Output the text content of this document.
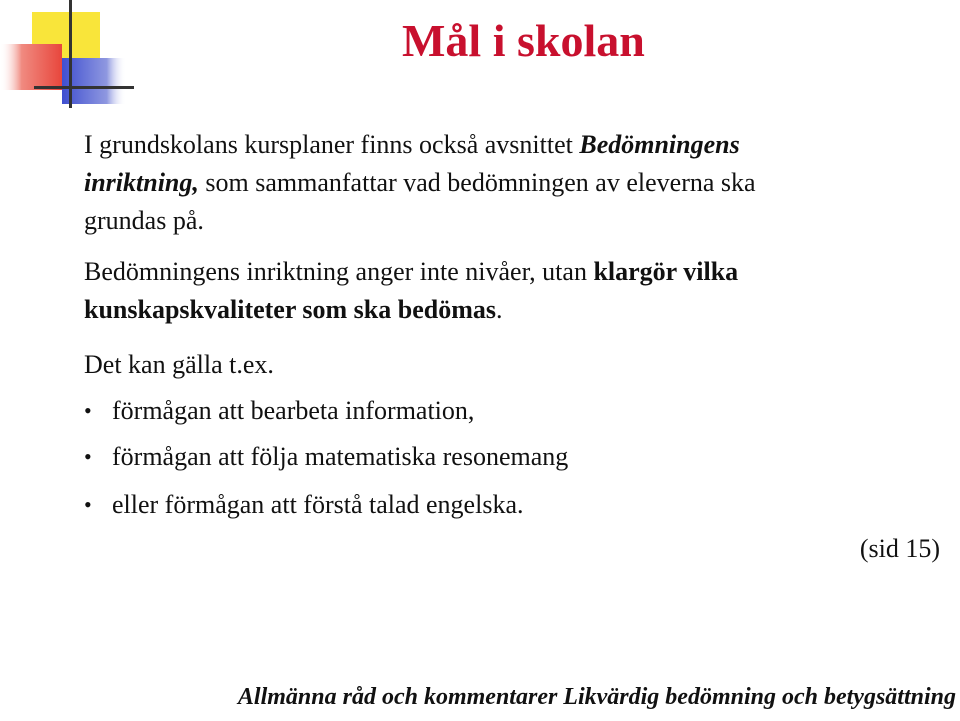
Mål i skolan
I grundskolans kursplaner finns också avsnittet Bedömningens
inriktning, som sammanfattar vad bedömningen av eleverna ska
grundas på.
Bedömningens inriktning anger inte nivåer, utan klargör vilka
kunskapskvaliteter som ska bedömas.
Det kan gälla t.ex.
• förmågan att bearbeta information,
• förmågan att följa matematiska resonemang
• eller förmågan att förstå talad engelska.
(sid 15)
Allmänna råd och kommentarer Likvärdig bedömning och betygsättning
